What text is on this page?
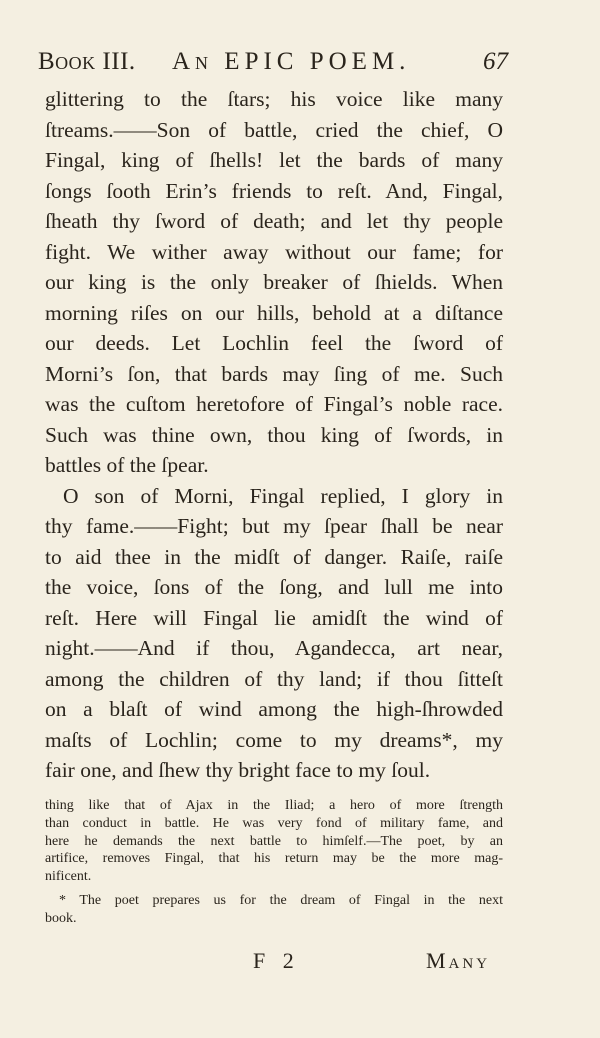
Book III. An EPIC POEM.	67
glittering to the ſtars; his voice like many
ſtreams.——Son of battle, cried the chief, O
Fingal, king of ſhells! let the bards of many
ſongs ſooth Erin’s friends to reſt. And, Fingal,
ſheath thy ſword of death; and let thy people
fight. We wither away without our fame; for
our king is the only breaker of ſhields. When
morning riſes on our hills, behold at a diſtance
our deeds. Let Lochlin feel the ſword of
Morni’s ſon, that bards may ſing of me. Such
was the cuſtom heretofore of Fingal’s noble race.
Such was thine own, thou king of ſwords, in
battles of the ſpear.
O son of Morni, Fingal replied, I glory in
thy fame.——Fight; but my ſpear ſhall be near
to aid thee in the midſt of danger. Raiſe, raiſe
the voice, ſons of the ſong, and lull me into
reſt. Here will Fingal lie amidſt the wind of
night.——And if thou, Agandecca, art near,
among the children of thy land; if thou ſitteſt
on a blaſt of wind among the high-ſhrowded
maſts of Lochlin; come to my dreams*, my
fair one, and ſhew thy bright face to my ſoul.
thing like that of Ajax in the Iliad; a hero of more ſtrength
than conduct in battle. He was very fond of military fame, and
here he demands the next battle to himſelf.—The poet, by an
artifice, removes Fingal, that his return may be the more mag-
nificent.
* The poet prepares us for the dream of Fingal in the next
book.
F 2	Many
